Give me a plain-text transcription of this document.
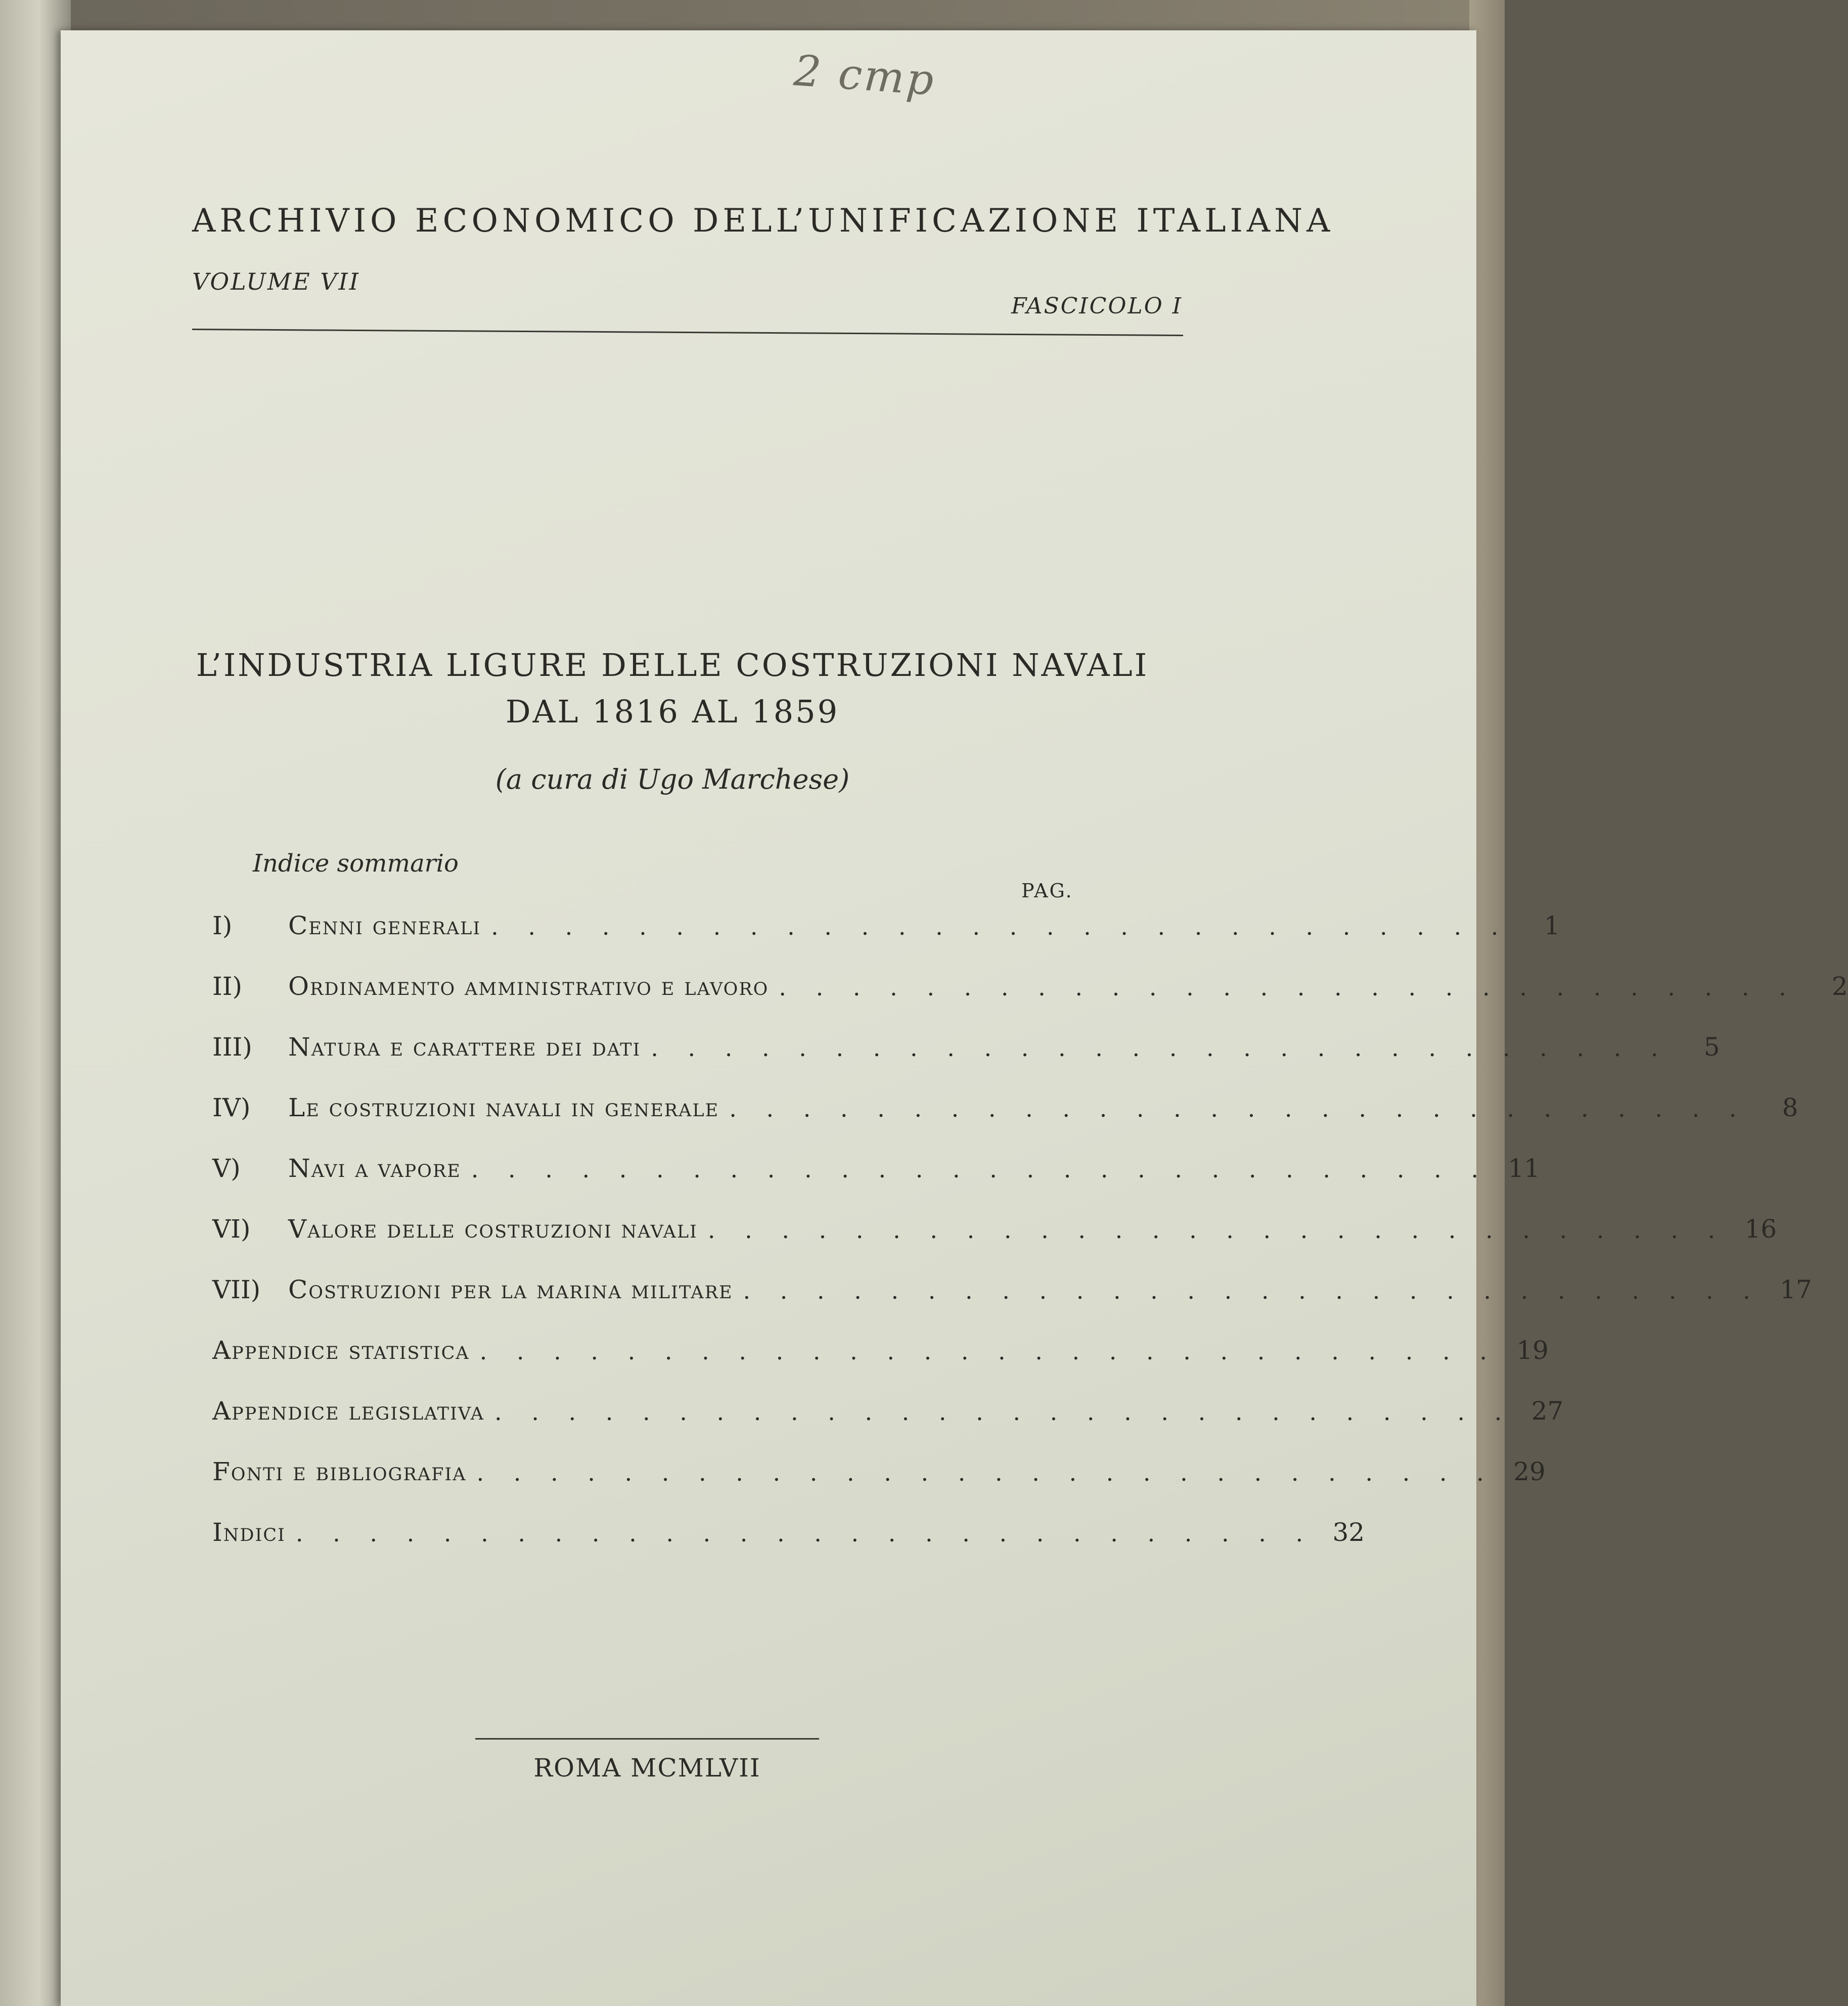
2 сmр
ARCHIVIO ECONOMICO DELL’UNIFICAZIONE ITALIANA
VOLUME VII
FASCICOLO I
L’INDUSTRIA LIGURE DELLE COSTRUZIONI NAVALI
DAL 1816 AL 1859
(a cura di Ugo Marchese)
Indice sommario
PAG.
I)	Cenni generali . . . . . . . . . . . . . . . . . . . . . . . . . . . .	1
II)	Ordinamento amministrativo e lavoro . . . . . . . . . . . . . . . . . . . . . . . . . . . .	2
III)	Natura e carattere dei dati . . . . . . . . . . . . . . . . . . . . . . . . . . . .	5
IV)	Le costruzioni navali in generale . . . . . . . . . . . . . . . . . . . . . . . . . . . .	8
V)	Navi a vapore . . . . . . . . . . . . . . . . . . . . . . . . . . . . 11
VI)	Valore delle costruzioni navali . . . . . . . . . . . . . . . . . . . . . . . . . . . . 16
VII)	Costruzioni per la marina militare . . . . . . . . . . . . . . . . . . . . . . . . . . . . 17
Appendice statistica . . . . . . . . . . . . . . . . . . . . . . . . . . . . 19
Appendice legislativa . . . . . . . . . . . . . . . . . . . . . . . . . . . . 27
Fonti e bibliografia . . . . . . . . . . . . . . . . . . . . . . . . . . . . 29
Indici . . . . . . . . . . . . . . . . . . . . . . . . . . . . 32
ROMA MCMLVII
